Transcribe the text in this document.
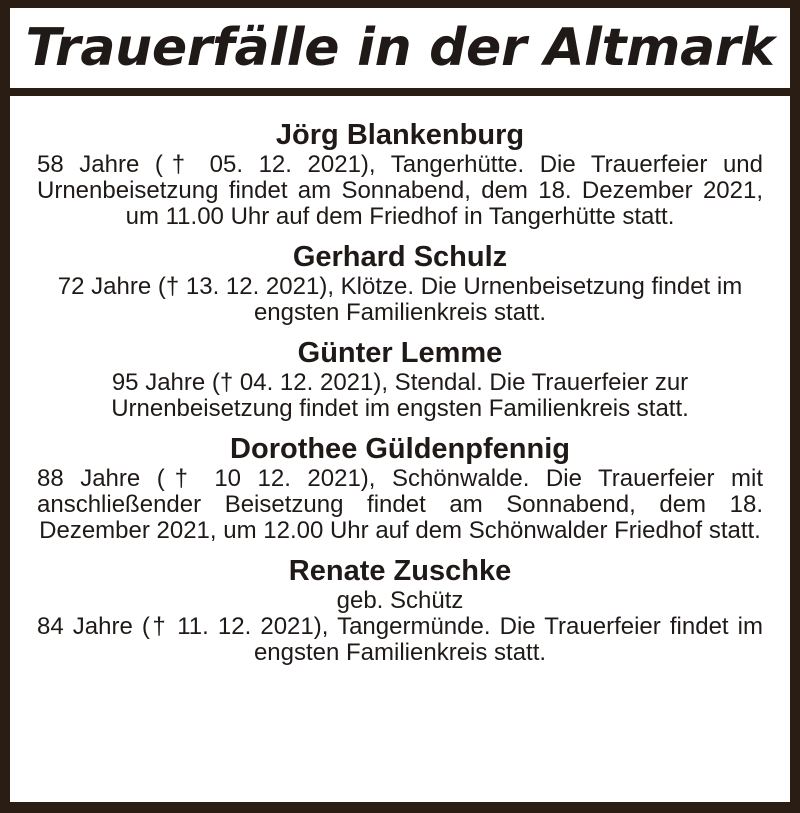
Trauerfälle in der Altmark

Jörg Blankenburg

58 Jahre († 05. 12. 2021), Tangerhütte. Die Trauerfeier und Urnenbeisetzung findet am Sonnabend, dem 18. Dezember 2021, um 11.00 Uhr auf dem Friedhof in Tangerhütte statt.

Gerhard Schulz

72 Jahre († 13. 12. 2021), Klötze. Die Urnenbeisetzung findet im engsten Familienkreis statt.

Günter Lemme

95 Jahre († 04. 12. 2021), Stendal. Die Trauerfeier zur Urnenbeisetzung findet im engsten Familienkreis statt.

Dorothee Güldenpfennig

88 Jahre († 10 12. 2021), Schönwalde. Die Trauerfeier mit anschließender Beisetzung findet am Sonnabend, dem 18. Dezember 2021, um 12.00 Uhr auf dem Schönwalder Friedhof statt.

Renate Zuschke

geb. Schütz

84 Jahre († 11. 12. 2021), Tangermünde. Die Trauerfeier findet im engsten Familienkreis statt.
